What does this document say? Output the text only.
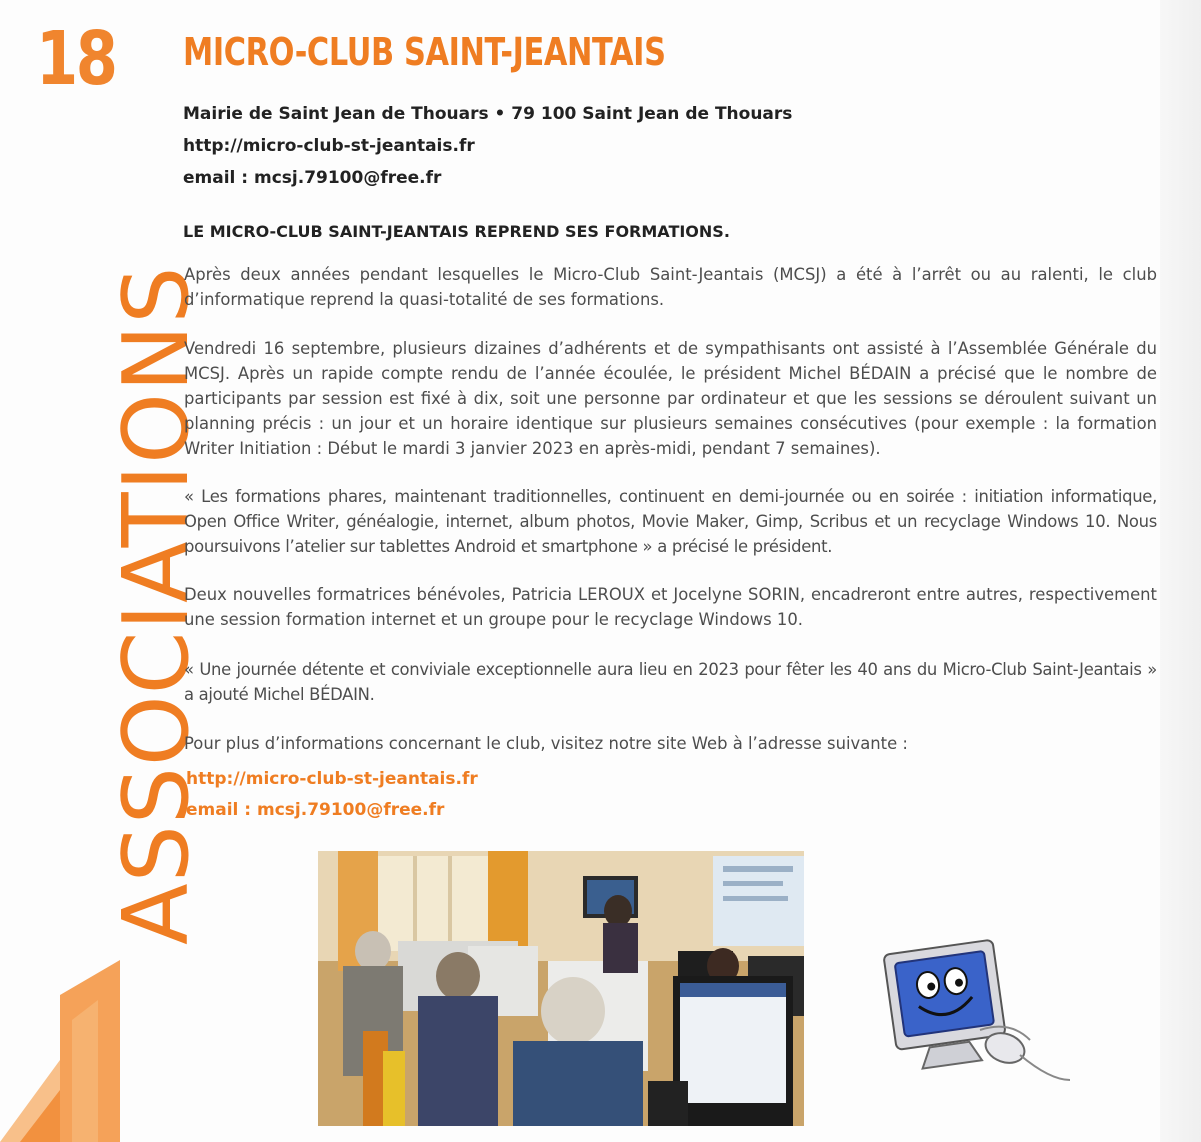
18
ASSOCIATIONS
MICRO-CLUB SAINT-JEANTAIS
Mairie de Saint Jean de Thouars • 79 100 Saint Jean de Thouars
http://micro-club-st-jeantais.fr
email : mcsj.79100@free.fr
LE MICRO-CLUB SAINT-JEANTAIS REPREND SES FORMATIONS.
Après deux années pendant lesquelles le Micro-Club Saint-Jeantais (MCSJ) a été à l’arrêt ou au ralenti, le club d’informatique reprend la quasi-totalité de ses formations.
Vendredi 16 septembre, plusieurs dizaines d’adhérents et de sympathisants ont assisté à l’Assemblée Générale du MCSJ. Après un rapide compte rendu de l’année écoulée, le président Michel BÉDAIN a précisé que le nombre de participants par session est fixé à dix, soit une personne par ordinateur et que les sessions se déroulent suivant un planning précis : un jour et un horaire identique sur plusieurs semaines consécutives (pour exemple : la formation Writer Initiation : Début le mardi 3 janvier 2023 en après-midi, pendant 7 semaines).
« Les formations phares, maintenant traditionnelles, continuent en demi-journée ou en soirée : initiation informatique, Open Office Writer, généalogie, internet, album photos, Movie Maker, Gimp, Scribus et un recyclage Windows 10. Nous poursuivons l’atelier sur tablettes Android et smartphone » a précisé le président.
Deux nouvelles formatrices bénévoles, Patricia LEROUX et Jocelyne SORIN, encadreront entre autres, respectivement une session formation internet et un groupe pour le recyclage Windows 10.
« Une journée détente et conviviale exceptionnelle aura lieu en 2023 pour fêter les 40 ans du Micro-Club Saint-Jeantais » a ajouté Michel BÉDAIN.
Pour plus d’informations concernant le club, visitez notre site Web à l’adresse suivante :
http://micro-club-st-jeantais.fr
email : mcsj.79100@free.fr
